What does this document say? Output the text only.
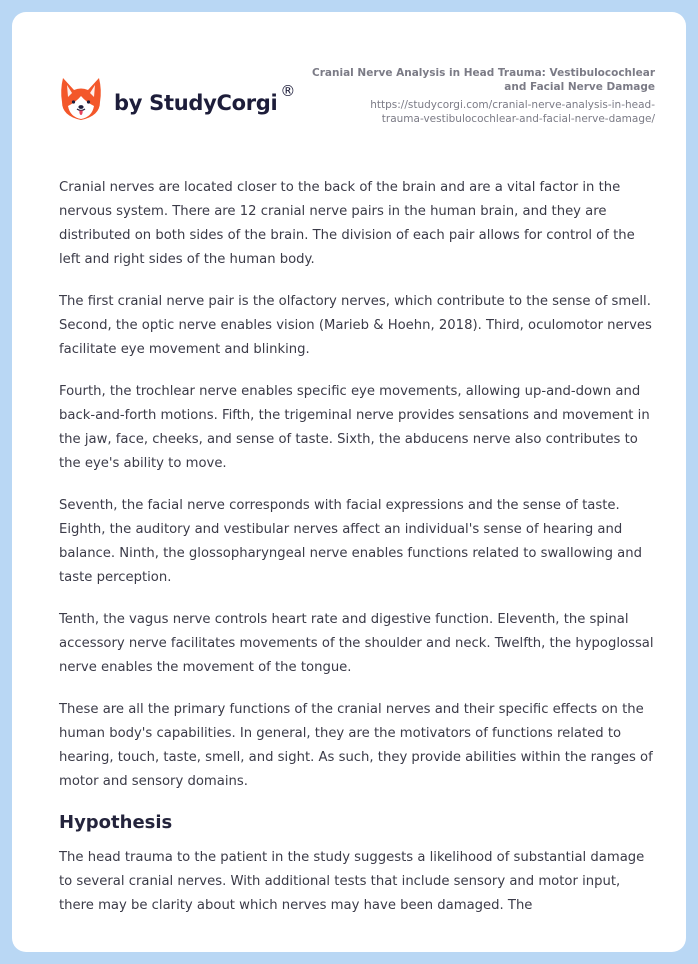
by StudyCorgi ®

Cranial Nerve Analysis in Head Trauma: Vestibulocochlear
and Facial Nerve Damage

https://studycorgi.com/cranial-nerve-analysis-in-head-
trauma-vestibulocochlear-and-facial-nerve-damage/

Cranial nerves are located closer to the back of the brain and are a vital factor in the nervous system. There are 12 cranial nerve pairs in the human brain, and they are distributed on both sides of the brain. The division of each pair allows for control of the left and right sides of the human body.

The first cranial nerve pair is the olfactory nerves, which contribute to the sense of smell. Second, the optic nerve enables vision (Marieb & Hoehn, 2018). Third, oculomotor nerves facilitate eye movement and blinking.

Fourth, the trochlear nerve enables specific eye movements, allowing up-and-down and back-and-forth motions. Fifth, the trigeminal nerve provides sensations and movement in the jaw, face, cheeks, and sense of taste. Sixth, the abducens nerve also contributes to the eye's ability to move.

Seventh, the facial nerve corresponds with facial expressions and the sense of taste. Eighth, the auditory and vestibular nerves affect an individual's sense of hearing and balance. Ninth, the glossopharyngeal nerve enables functions related to swallowing and taste perception.

Tenth, the vagus nerve controls heart rate and digestive function. Eleventh, the spinal accessory nerve facilitates movements of the shoulder and neck. Twelfth, the hypoglossal nerve enables the movement of the tongue.

These are all the primary functions of the cranial nerves and their specific effects on the human body's capabilities. In general, they are the motivators of functions related to hearing, touch, taste, smell, and sight. As such, they provide abilities within the ranges of motor and sensory domains.

Hypothesis

The head trauma to the patient in the study suggests a likelihood of substantial damage to several cranial nerves. With additional tests that include sensory and motor input, there may be clarity about which nerves may have been damaged. The
